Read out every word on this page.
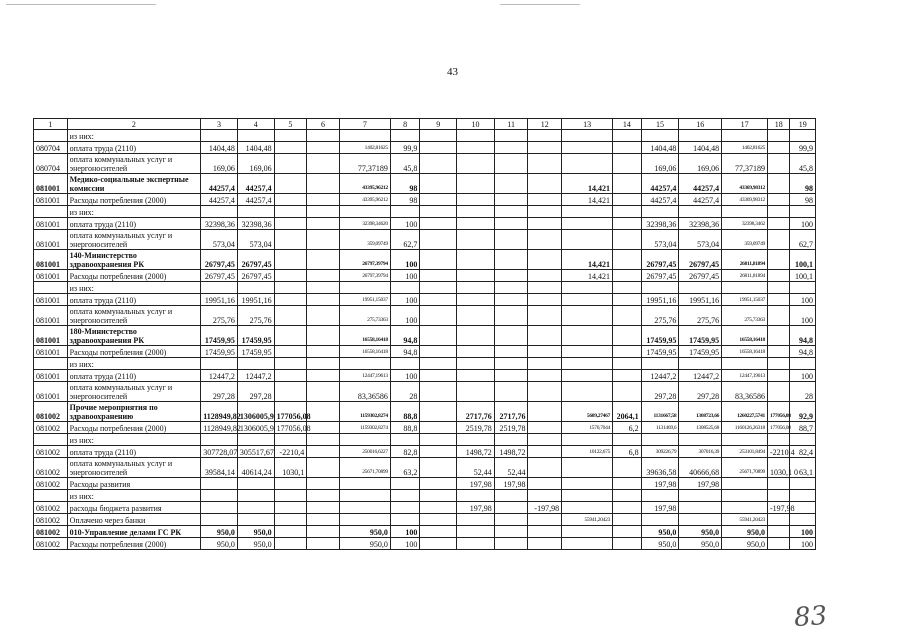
43
1	2	3	4	5	6	7	8	9	10	11	12	13	14	15	16	17	18	19
	из них:																	
080704	оплата труда (2110)	1404,48	1404,48			1402,81625	99,9							1404,48	1404,48	1402,81625		99,9
080704	оплата коммунальных услуг и энергоносителей	169,06	169,06			77,37189	45,8							169,06	169,06	77,37189		45,8
081001	Медико-социальные экспертные комиссии	44257,4	44257,4			43395,96212	98					14,421		44257,4	44257,4	43369,98312		98
081001	Расходы потребления (2000)	44257,4	44257,4			43395,96212	98					14,421		44257,4	44257,4	43369,98312		98
	из них:																	
081001	оплата труда (2110)	32398,36	32398,36			32398,34620	100							32398,36	32398,36	32398,3462		100
081001	оплата коммунальных услуг и энергоносителей	573,04	573,04			359,09749	62,7							573,04	573,04	359,09749		62,7
081001	140-Министерство здравоохранения РК	26797,45	26797,45			26797,39794	100					14,421		26797,45	26797,45	26811,81894		100,1
081001	Расходы потребления (2000)	26797,45	26797,45			26797,39794	100					14,421		26797,45	26797,45	26811,81894		100,1
	из них:																	
081001	оплата труда (2110)	19951,16	19951,16			19951,15037	100							19951,16	19951,16	19951,15037		100
081001	оплата коммунальных услуг и энергоносителей	275,76	275,76			275,73363	100							275,76	275,76	275,73363		100
081001	180-Министерство здравоохранения РК	17459,95	17459,95			16558,16418	94,8							17459,95	17459,95	16558,16418		94,8
081001	Расходы потребления (2000)	17459,95	17459,95			16558,16418	94,8							17459,95	17459,95	16558,16418		94,8
	из них:																	
081001	оплата труда (2110)	12447,2	12447,2			12447,19613	100							12447,2	12447,2	12447,19613		100
081001	оплата коммунальных услуг и энергоносителей	297,28	297,28			83,36586	28							297,28	297,28	83,36586		28
081002	Прочие мероприятия по здравоохранению	1128949,82	1306005,9	177056,08		1159302,8274	88,8		2717,76	2717,76		5609,27467	2064,1	1131667,58	1308723,66	1260227,5741	177056,08	92,9
081002	Расходы потребления (2000)	1128949,82	1306005,9	177056,08		1159302,8274	88,8		2519,78	2519,78		1570,7044	6,2	1131469,6	1308525,68	1160126,26318	177056,08	88,7
	из них:																	
081002	оплата труда (2110)	307728,07	305517,67	-2210,4		250016,6227	82,8		1498,72	1498,72		10122,675	6,8	309226,79	307016,39	253101,8494	-2210,4	82,4
081002	оплата коммунальных услуг и энергоносителей	39584,14	40614,24	1030,1		25671,70899	63,2		52,44	52,44				39636,58	40666,68	25671,70899	1030,1 0	63,1
081002	Расходы развития								197,98	197,98				197,98	197,98			
	из них:																	
081002	расходы бюджета развития								197,98		-197,98			197,98			-197,98	
081002	Оплачено через банки											55941,20423				55941,20423		
081002	010-Управление делами ГС РК	950,0	950,0			950,0	100							950,0	950,0	950,0		100
081002	Расходы потребления (2000)	950,0	950,0			950,0	100							950,0	950,0	950,0		100
83
